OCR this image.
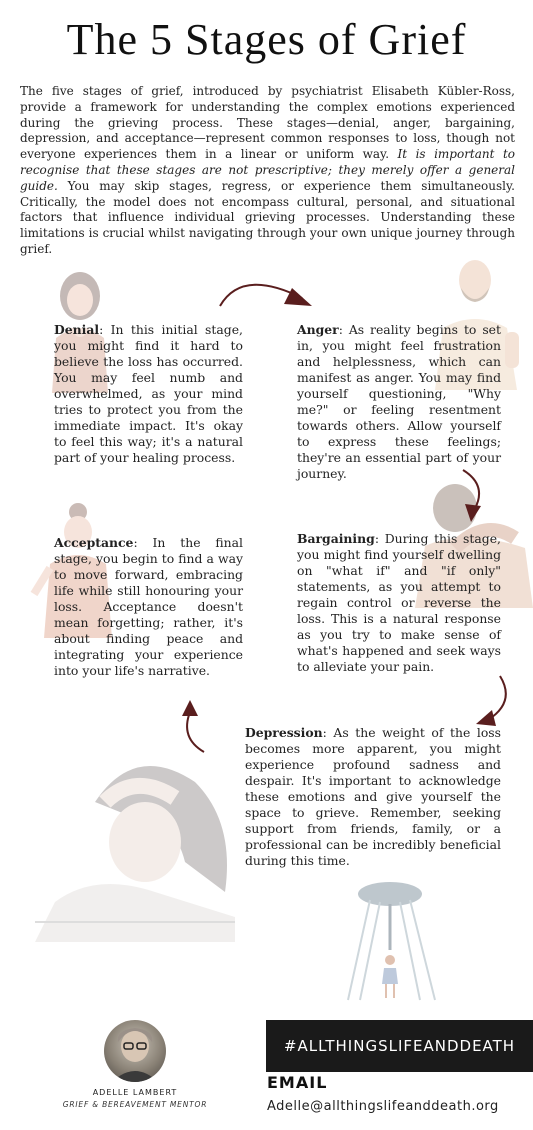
The 5 Stages of Grief
The five stages of grief, introduced by psychiatrist Elisabeth Kübler-Ross, provide a framework for understanding the complex emotions experienced during the grieving process. These stages—denial, anger, bargaining, depression, and acceptance—represent common responses to loss, though not everyone experiences them in a linear or uniform way. It is important to recognise that these stages are not prescriptive; they merely offer a general guide. You may skip stages, regress, or experience them simultaneously. Critically, the model does not encompass cultural, personal, and situational factors that influence individual grieving processes. Understanding these limitations is crucial whilst navigating through your own unique journey through grief.
Denial: In this initial stage, you might find it hard to believe the loss has occurred. You may feel numb and overwhelmed, as your mind tries to protect you from the immediate impact. It's okay to feel this way; it's a natural part of your healing process.
Anger: As reality begins to set in, you might feel frustration and helplessness, which can manifest as anger. You may find yourself questioning, "Why me?" or feeling resentment towards others. Allow yourself to express these feelings; they're an essential part of your journey.
Bargaining: During this stage, you might find yourself dwelling on "what if" and "if only" statements, as you attempt to regain control or reverse the loss. This is a natural response as you try to make sense of what's happened and seek ways to alleviate your pain.
Acceptance: In the final stage, you begin to find a way to move forward, embracing life while still honouring your loss. Acceptance doesn't mean forgetting; rather, it's about finding peace and integrating your experience into your life's narrative.
Depression: As the weight of the loss becomes more apparent, you might experience profound sadness and despair. It's important to acknowledge these emotions and give yourself the space to grieve. Remember, seeking support from friends, family, or a professional can be incredibly beneficial during this time.
ADELLE LAMBERT
GRIEF & BEREAVEMENT MENTOR
#ALLTHINGSLIFEANDDEATH
EMAIL
Adelle@allthingslifeanddeath.org
